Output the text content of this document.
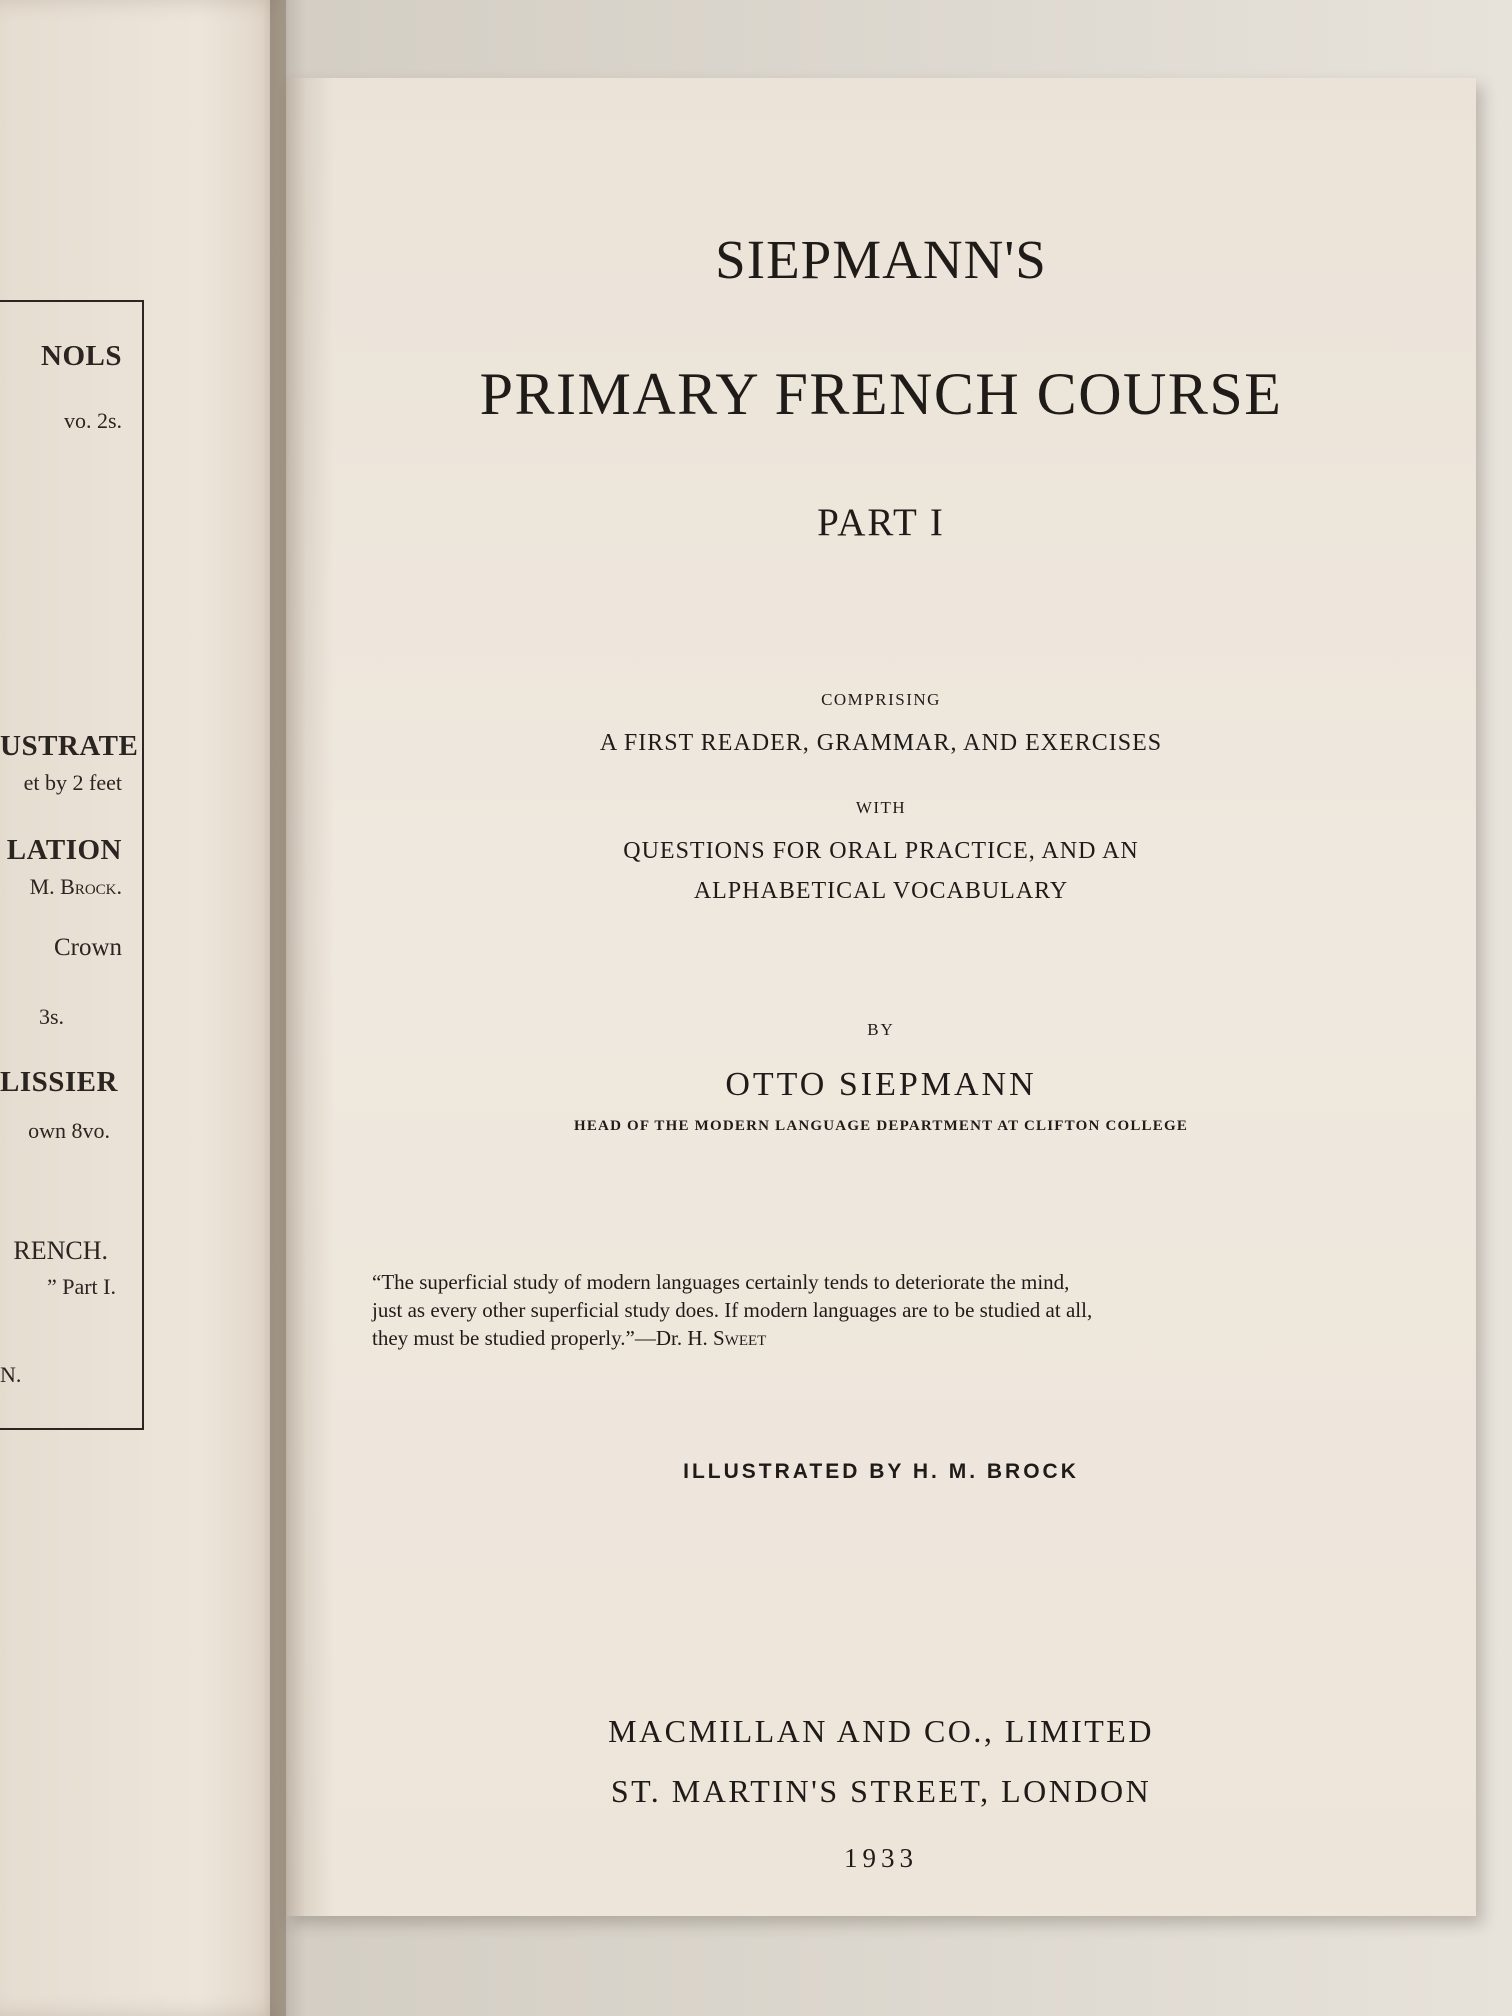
NOLS
vo. 2s.
USTRATE
et by 2 feet
LATION
M. Brock.
Crown
3s.
LISSIER
own 8vo.
RENCH.
” Part I.
N.
SIEPMANN'S
PRIMARY FRENCH COURSE
PART I
COMPRISING
A FIRST READER, GRAMMAR, AND EXERCISES
WITH
QUESTIONS FOR ORAL PRACTICE, AND AN
ALPHABETICAL VOCABULARY
BY
OTTO SIEPMANN
HEAD OF THE MODERN LANGUAGE DEPARTMENT AT CLIFTON COLLEGE
“The superficial study of modern languages certainly tends to deteriorate the mind,
just as every other superficial study does. If modern languages are to be studied at all,
they must be studied properly.”—Dr. H. Sweet
ILLUSTRATED BY H. M. BROCK
MACMILLAN AND CO., LIMITED
ST. MARTIN'S STREET, LONDON
1933
